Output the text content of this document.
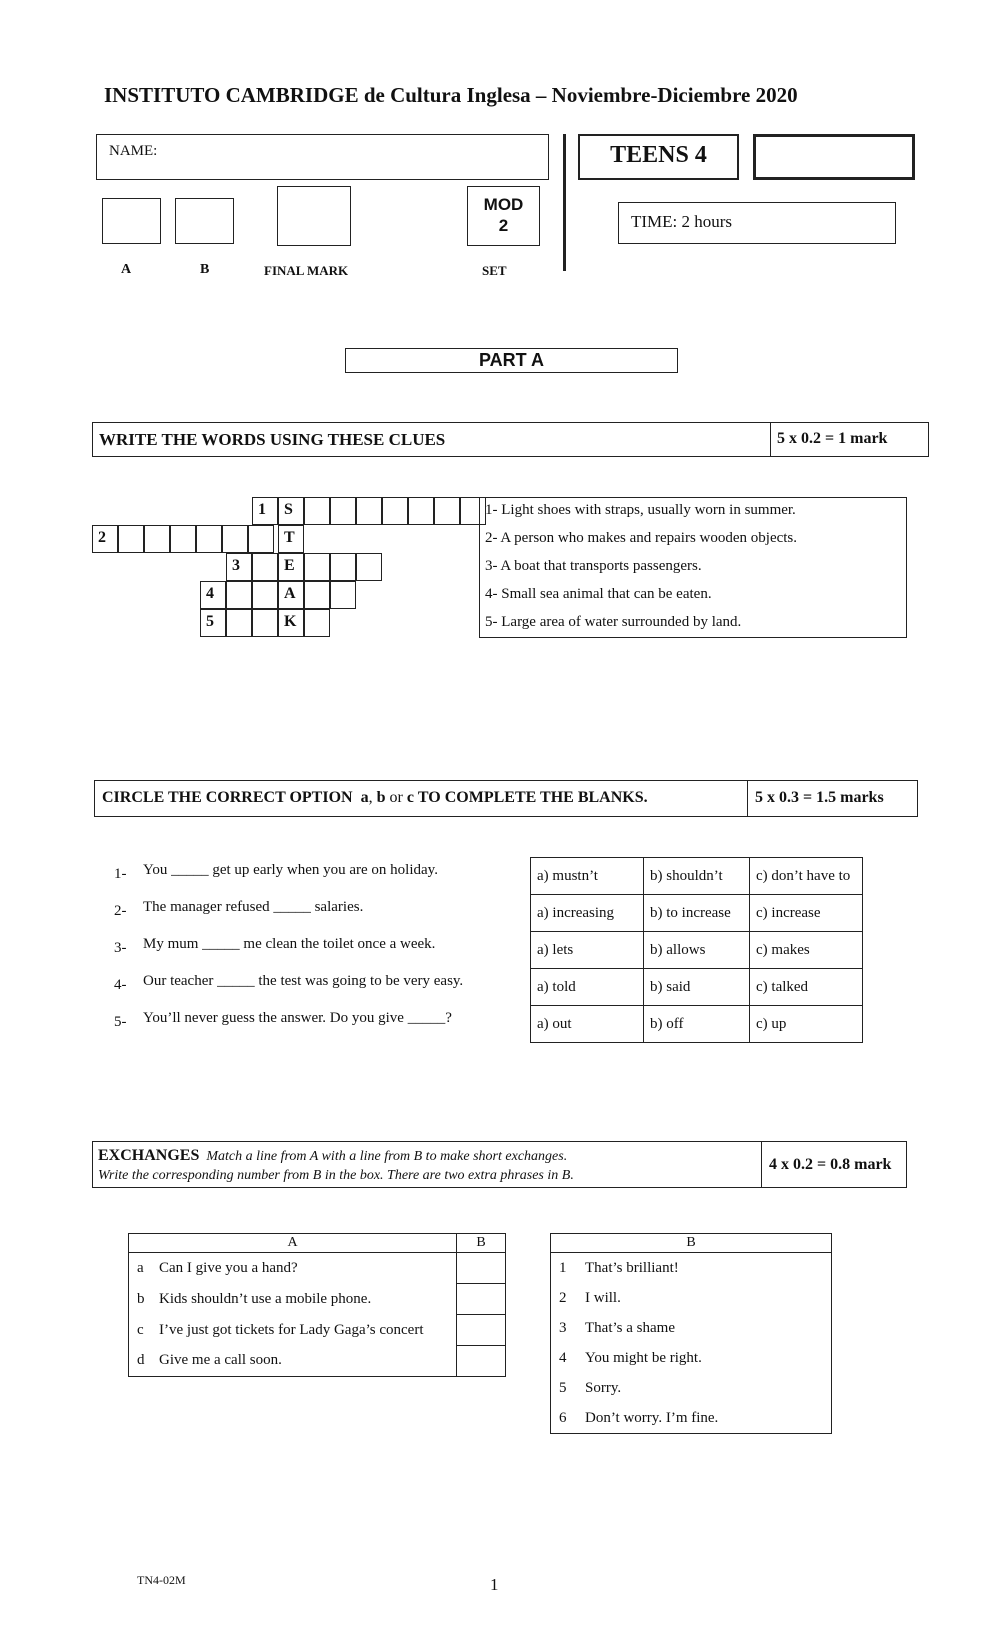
INSTITUTO CAMBRIDGE de Cultura Inglesa – Noviembre-Diciembre 2020
NAME:	TEENS 4
MOD
2	TIME: 2 hours
A	B	FINAL MARK	SET
PART A
WRITE THE WORDS USING THESE CLUES	5 x 0.2 = 1 mark
1	S
2	T
3	E
4	A
5	K
1- Light shoes with straps, usually worn in summer.
2- A person who makes and repairs wooden objects.
3- A boat that transports passengers.
4- Small sea animal that can be eaten.
5- Large area of water surrounded by land.
CIRCLE THE CORRECT OPTION a, b or c TO COMPLETE THE BLANKS.	5 x 0.3 = 1.5 marks
1- You _____ get up early when you are on holiday.
2- The manager refused _____ salaries.
3- My mum _____ me clean the toilet once a week.
4- Our teacher _____ the test was going to be very easy.
5- You’ll never guess the answer. Do you give _____?
a) mustn’t	b) shouldn’t	c) don’t have to
a) increasing	b) to increase	c) increase
a) lets	b) allows	c) makes
a) told	b) said	c) talked
a) out	b) off	c) up
EXCHANGES Match a line from A with a line from B to make short exchanges.
Write the corresponding number from B in the box. There are two extra phrases in B.
4 x 0.2 = 0.8 mark
A		B
a	Can I give you a hand?	
b	Kids shouldn’t use a mobile phone.	
c	I’ve just got tickets for Lady Gaga’s concert	
d	Give me a call soon.	
B	
1	That’s brilliant!
2	I will.
3	That’s a shame
4	You might be right.
5	Sorry.
6	Don’t worry. I’m fine.
TN4-02M	1
